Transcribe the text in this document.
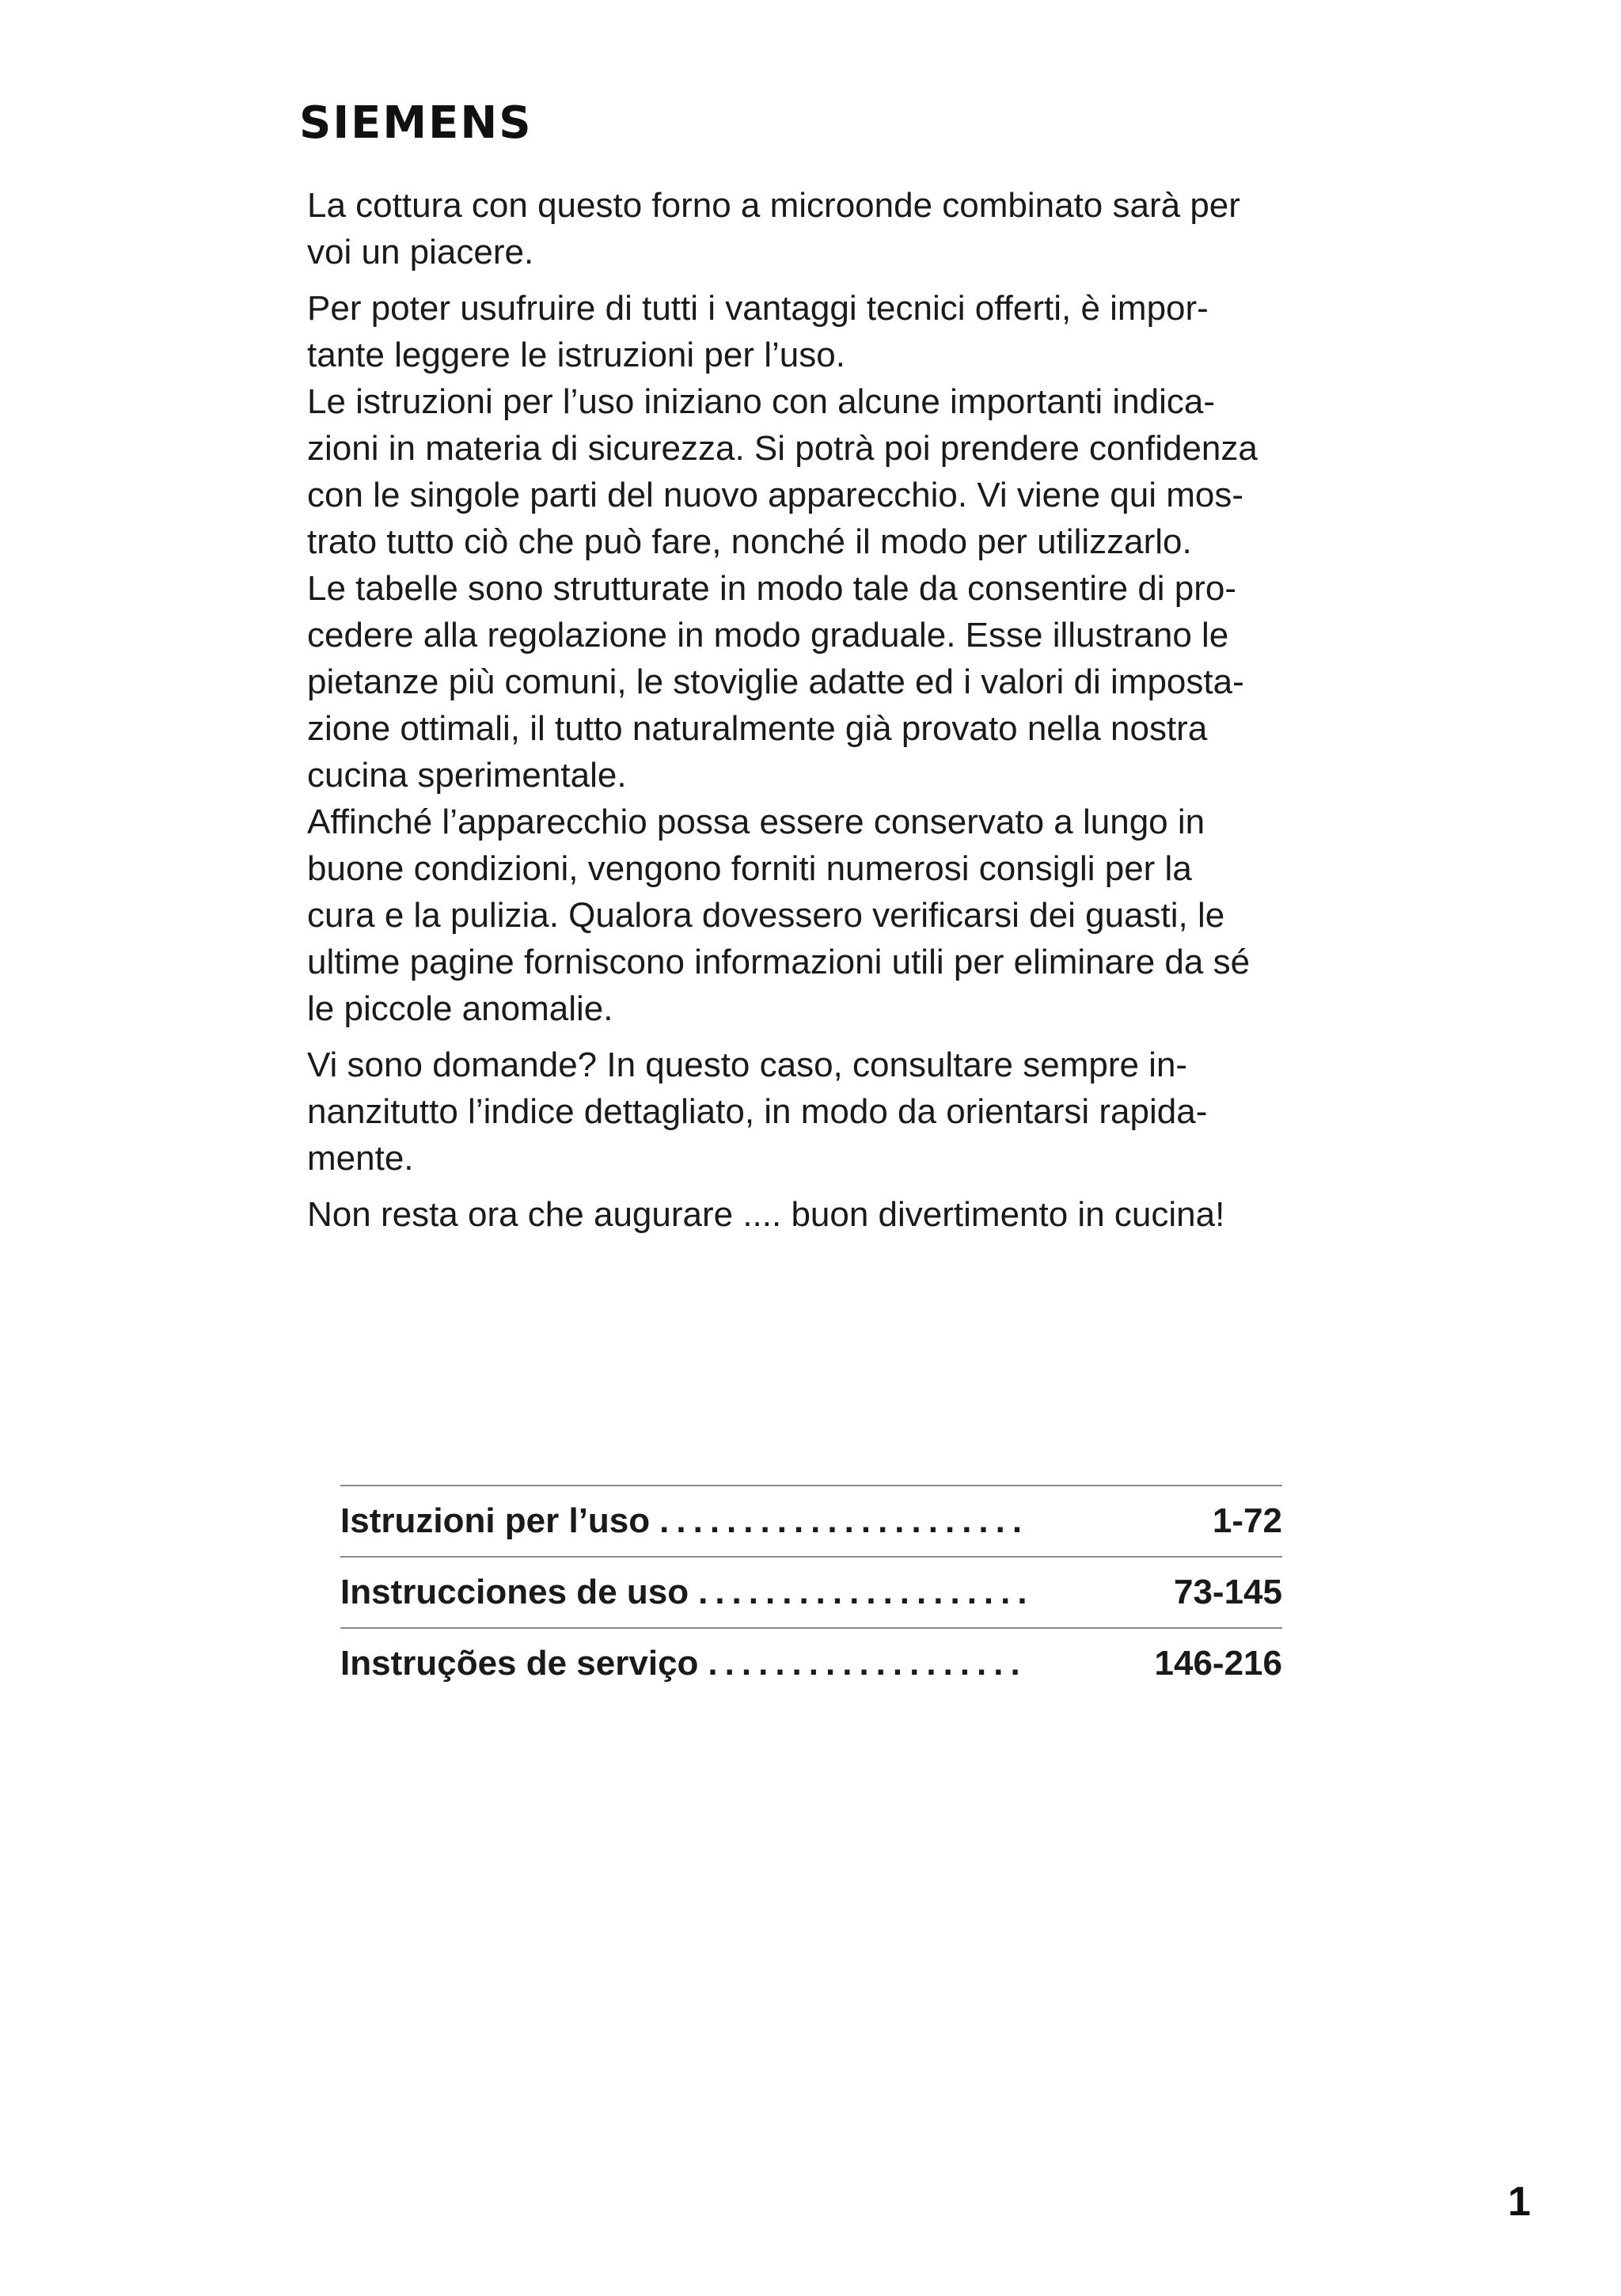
SIEMENS

La cottura con questo forno a microonde combinato sarà per
voi un piacere.

Per poter usufruire di tutti i vantaggi tecnici offerti, è impor-
tante leggere le istruzioni per l’uso.

Le istruzioni per l’uso iniziano con alcune importanti indica-
zioni in materia di sicurezza. Si potrà poi prendere confidenza
con le singole parti del nuovo apparecchio. Vi viene qui mos-
trato tutto ciò che può fare, nonché il modo per utilizzarlo.

Le tabelle sono strutturate in modo tale da consentire di pro-
cedere alla regolazione in modo graduale. Esse illustrano le
pietanze più comuni, le stoviglie adatte ed i valori di imposta-
zione ottimali, il tutto naturalmente già provato nella nostra
cucina sperimentale.

Affinché l’apparecchio possa essere conservato a lungo in
buone condizioni, vengono forniti numerosi consigli per la
cura e la pulizia. Qualora dovessero verificarsi dei guasti, le
ultime pagine forniscono informazioni utili per eliminare da sé
le piccole anomalie.

Vi sono domande? In questo caso, consultare sempre in-
nanzitutto l’indice dettagliato, in modo da orientarsi rapida-
mente.

Non resta ora che augurare .... buon divertimento in cucina!

Istruzioni per l’uso ......................	1-72
Instrucciones de uso ....................	73-145
Instruções de serviço ...................	146-216
1
